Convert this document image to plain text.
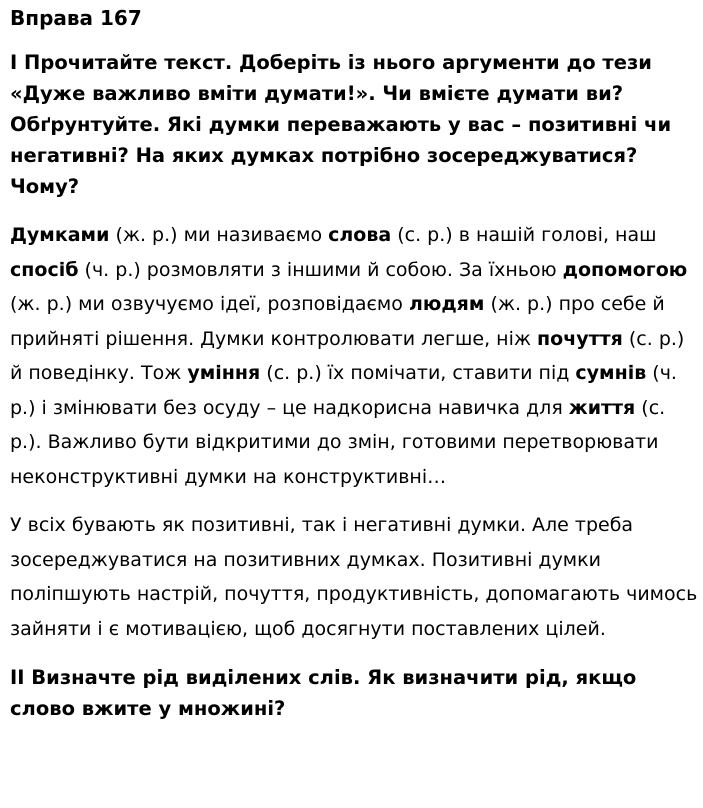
Вправа 167

I Прочитайте текст. Доберіть із нього аргументи до тези «Дуже важливо вміти думати!». Чи вмієте думати ви? Обґрунтуйте. Які думки переважають у вас – позитивні чи негативні? На яких думках потрібно зосереджуватися? Чому?

Думками (ж. р.) ми називаємо слова (с. р.) в нашій голові, наш спосіб (ч. р.) розмовляти з іншими й собою. За їхньою допомогою (ж. р.) ми озвучуємо ідеї, розповідаємо людям (ж. р.) про себе й прийняті рішення. Думки контролювати легше, ніж почуття (с. р.) й поведінку. Тож уміння (с. р.) їх помічати, ставити під сумнів (ч. р.) і змінювати без осуду – це надкорисна навичка для життя (с. р.). Важливо бути відкритими до змін, готовими перетворювати неконструктивні думки на конструктивні…

У всіх бувають як позитивні, так і негативні думки. Але треба зосереджуватися на позитивних думках. Позитивні думки поліпшують настрій, почуття, продуктивність, допомагають чимось зайняти і є мотивацією, щоб досягнути поставлених цілей.

II Визначте рід виділених слів. Як визначити рід, якщо слово вжите у множині?
